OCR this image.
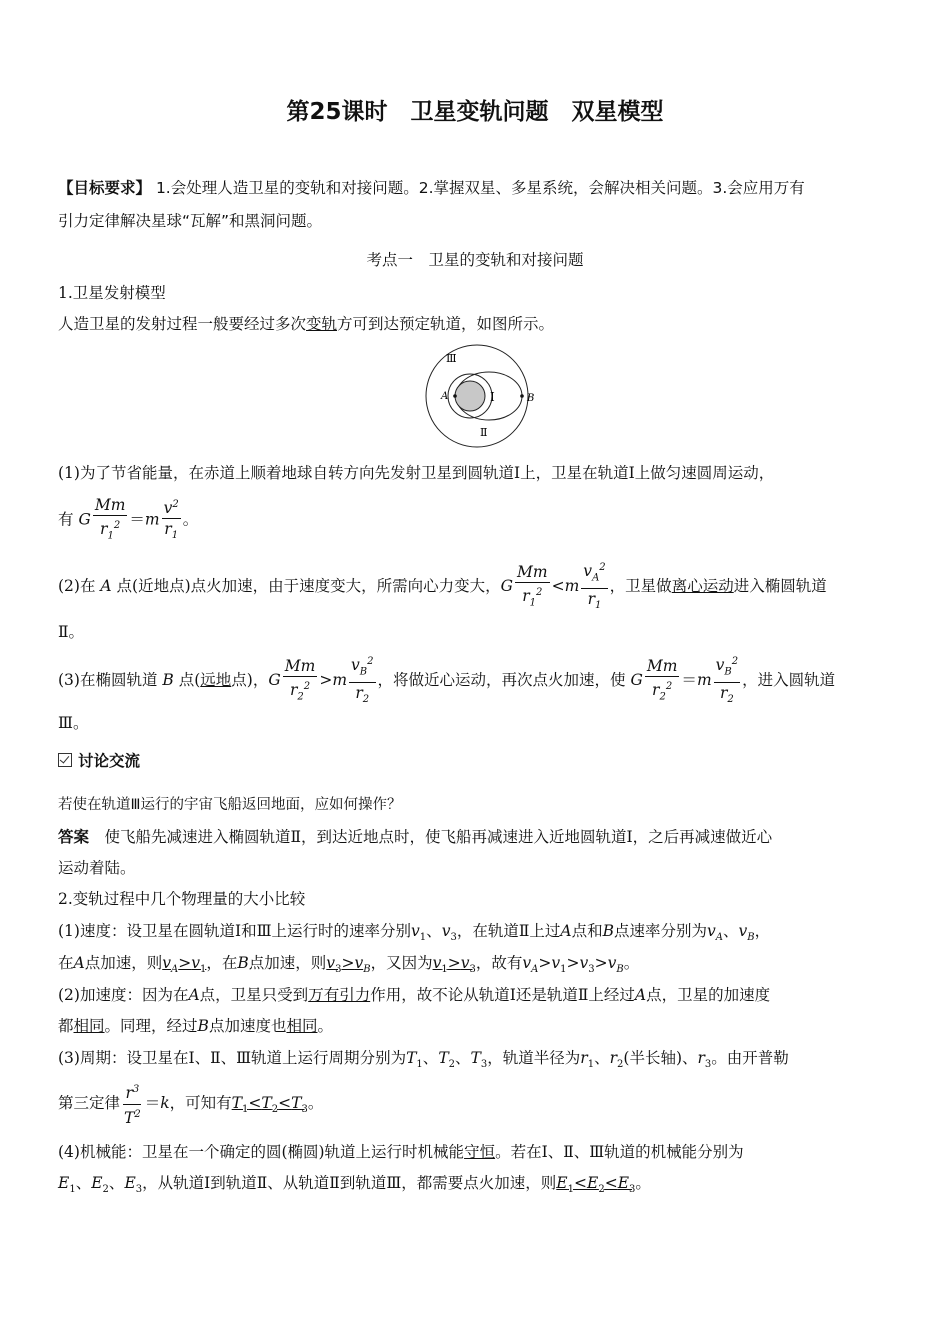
第25课时　卫星变轨问题　双星模型
【目标要求】 1.会处理人造卫星的变轨和对接问题。2.掌握双星、多星系统，会解决相关问题。3.会应用万有
引力定律解决星球“瓦解”和黑洞问题。
考点一　卫星的变轨和对接问题
1.卫星发射模型
人造卫星的发射过程一般要经过多次变轨方可到达预定轨道，如图所示。
Ⅲ
Ⅰ
Ⅱ
A	B
(1)为了节省能量，在赤道上顺着地球自转方向先发射卫星到圆轨道Ⅰ上，卫星在轨道Ⅰ上做匀速圆周运动，
有 G $\frac{Mm}{r_1^2} =m \frac{v^2}{r_1}$ 。
(2)在 A 点(近地点)点火加速，由于速度变大，所需向心力变大，G $\frac{Mm}{r_1^2} <m \frac{v_A^2}{r_1}$ ，卫星做离心运动进入椭圆轨道
Ⅱ。
(3)在椭圆轨道 B 点(远地点)，G $\frac{Mm}{r_2^2} >m \frac{v_B^2}{r_2}$ ，将做近心运动，再次点火加速，使 G $\frac{Mm}{r_2^2} =m \frac{v_B^2}{r_2}$ ，进入圆轨道
Ⅲ。
讨论交流
若使在轨道Ⅲ运行的宇宙飞船返回地面，应如何操作？
答案　使飞船先减速进入椭圆轨道Ⅱ，到达近地点时，使飞船再减速进入近地圆轨道Ⅰ，之后再减速做近心
运动着陆。
2.变轨过程中几个物理量的大小比较
(1)速度：设卫星在圆轨道Ⅰ和Ⅲ上运行时的速率分别$v_1$、$v_3$，在轨道Ⅱ上过A点和B点速率分别为$v_A$、$v_B$，
在A点加速，则$v_A>v_1$，在B点加速，则$v_3>v_B$，又因为$v_1>v_3$，故有$v_A>v_1>v_3>v_B$。
(2)加速度：因为在A点，卫星只受到万有引力作用，故不论从轨道Ⅰ还是轨道Ⅱ上经过A点，卫星的加速度
都相同。同理，经过B点加速度也相同。
(3)周期：设卫星在Ⅰ、Ⅱ、Ⅲ轨道上运行周期分别为$T_1$、$T_2$、$T_3$，轨道半径为$r_1$、$r_2$(半长轴)、$r_3$。由开普勒
第三定律 $\frac{r^3}{T^2} =k$，可知有$T_1<T_2<T_3$。
(4)机械能：卫星在一个确定的圆(椭圆)轨道上运行时机械能守恒。若在Ⅰ、Ⅱ、Ⅲ轨道的机械能分别为
$E_1$、$E_2$、$E_3$，从轨道Ⅰ到轨道Ⅱ、从轨道Ⅱ到轨道Ⅲ，都需要点火加速，则$E_1<E_2<E_3$。
